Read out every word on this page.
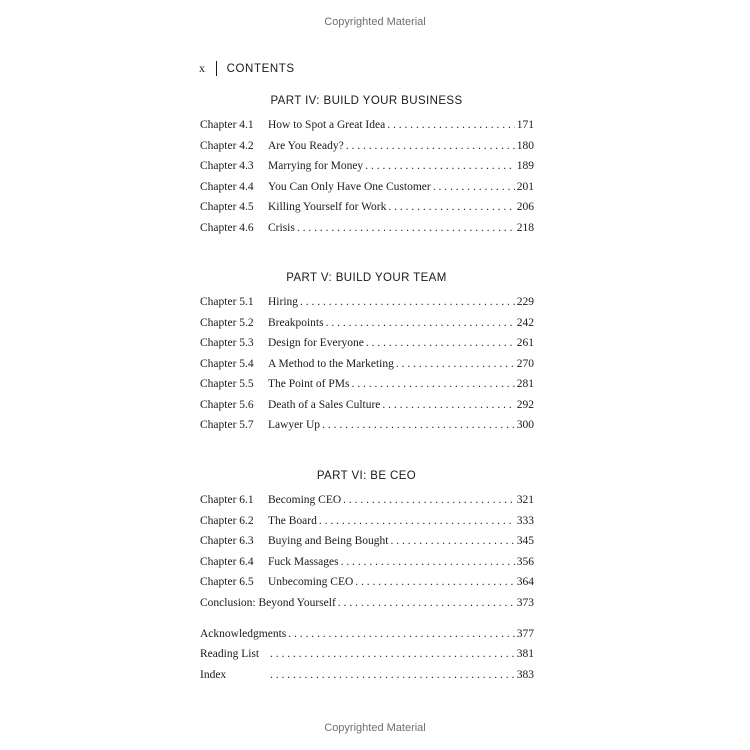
Copyrighted Material
x CONTENTS
PART IV: BUILD YOUR BUSINESS
Chapter 4.1 How to Spot a Great Idea . . .	171
Chapter 4.2 Are You Ready? . . .	180
Chapter 4.3 Marrying for Money . . .	189
Chapter 4.4 You Can Only Have One Customer . . .	201
Chapter 4.5 Killing Yourself for Work . . .	206
Chapter 4.6 Crisis . . .	218
PART V: BUILD YOUR TEAM
Chapter 5.1 Hiring . . .	229
Chapter 5.2 Breakpoints . . .	242
Chapter 5.3 Design for Everyone . . .	261
Chapter 5.4 A Method to the Marketing . . .	270
Chapter 5.5 The Point of PMs . . .	281
Chapter 5.6 Death of a Sales Culture . . .	292
Chapter 5.7 Lawyer Up . . .	300
PART VI: BE CEO
Chapter 6.1 Becoming CEO . . .	321
Chapter 6.2 The Board . . .	333
Chapter 6.3 Buying and Being Bought . . .	345
Chapter 6.4 Fuck Massages . . .	356
Chapter 6.5 Unbecoming CEO . . .	364
Conclusion: Beyond Yourself . . .	373
Acknowledgments . . .	377
Reading List . . .	381
Index . . .	383
Copyrighted Material
